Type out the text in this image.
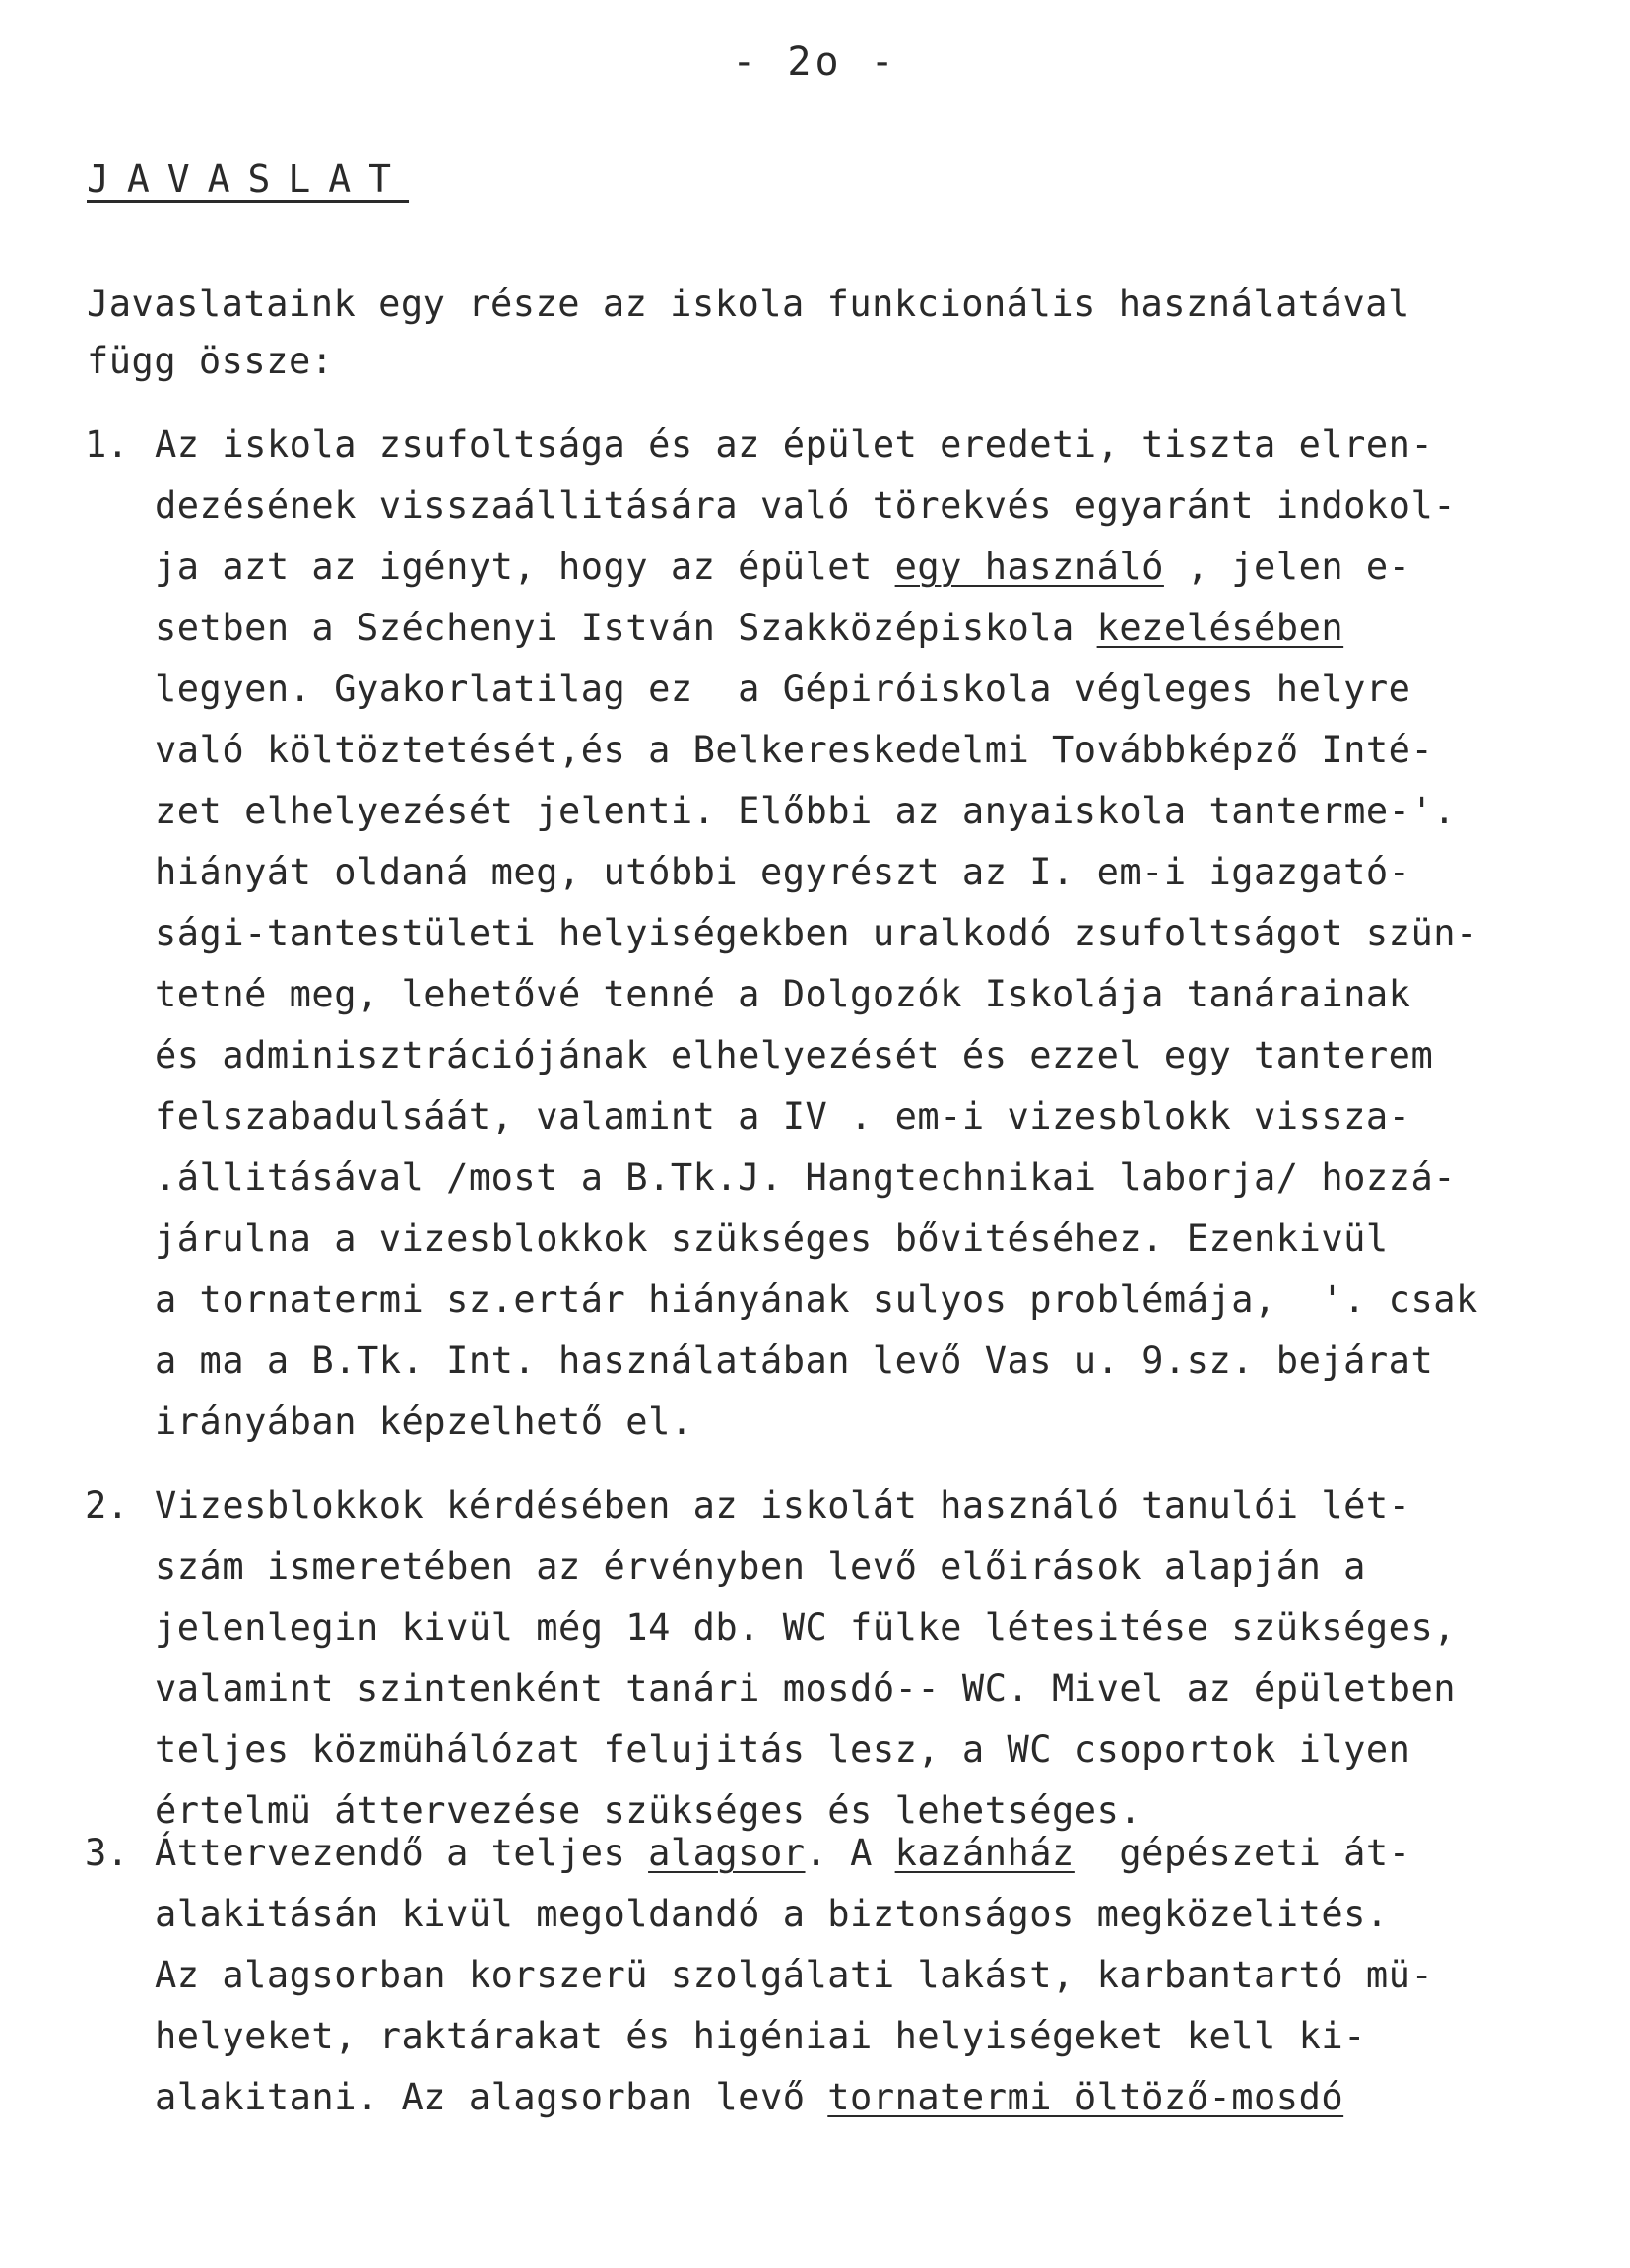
- 2o -
JAVASLAT
Javaslataink egy része az iskola funkcionális használatával
függ össze:
1. Az iskola zsufoltsága és az épület eredeti, tiszta elren-
dezésének visszaállitására való törekvés egyaránt indokol-
ja azt az igényt, hogy az épület egy használó , jelen e-
setben a Széchenyi István Szakközépiskola kezelésében
legyen. Gyakorlatilag ez  a Gépiróiskola végleges helyre
való költöztetését,és a Belkereskedelmi Továbbképző Inté-
zet elhelyezését jelenti. Előbbi az anyaiskola tanterme-'.
hiányát oldaná meg, utóbbi egyrészt az I. em-i igazgató-
sági-tantestületi helyiségekben uralkodó zsufoltságot szün-
tetné meg, lehetővé tenné a Dolgozók Iskolája tanárainak
és adminisztrációjának elhelyezését és ezzel egy tanterem
felszabadulsáát, valamint a IV . em-i vizesblokk vissza-
.állitásával /most a B.Tk.J. Hangtechnikai laborja/ hozzá-
járulna a vizesblokkok szükséges bővitéséhez. Ezenkivül
a tornatermi sz.ertár hiányának sulyos problémája,  '. csak
a ma a B.Tk. Int. használatában levő Vas u. 9.sz. bejárat
irányában képzelhető el.
2. Vizesblokkok kérdésében az iskolát használó tanulói lét-
szám ismeretében az érvényben levő előirások alapján a
jelenlegin kivül még 14 db. WC fülke létesitése szükséges,
valamint szintenként tanári mosdó-- WC. Mivel az épületben
teljes közmühálózat felujitás lesz, a WC csoportok ilyen
értelmü áttervezése szükséges és lehetséges.
3. Áttervezendő a teljes alagsor. A kazánház  gépészeti át-
alakitásán kivül megoldandó a biztonságos megközelités.
Az alagsorban korszerü szolgálati lakást, karbantartó mü-
helyeket, raktárakat és higéniai helyiségeket kell ki-
alakitani. Az alagsorban levő tornatermi öltöző-mosdó
